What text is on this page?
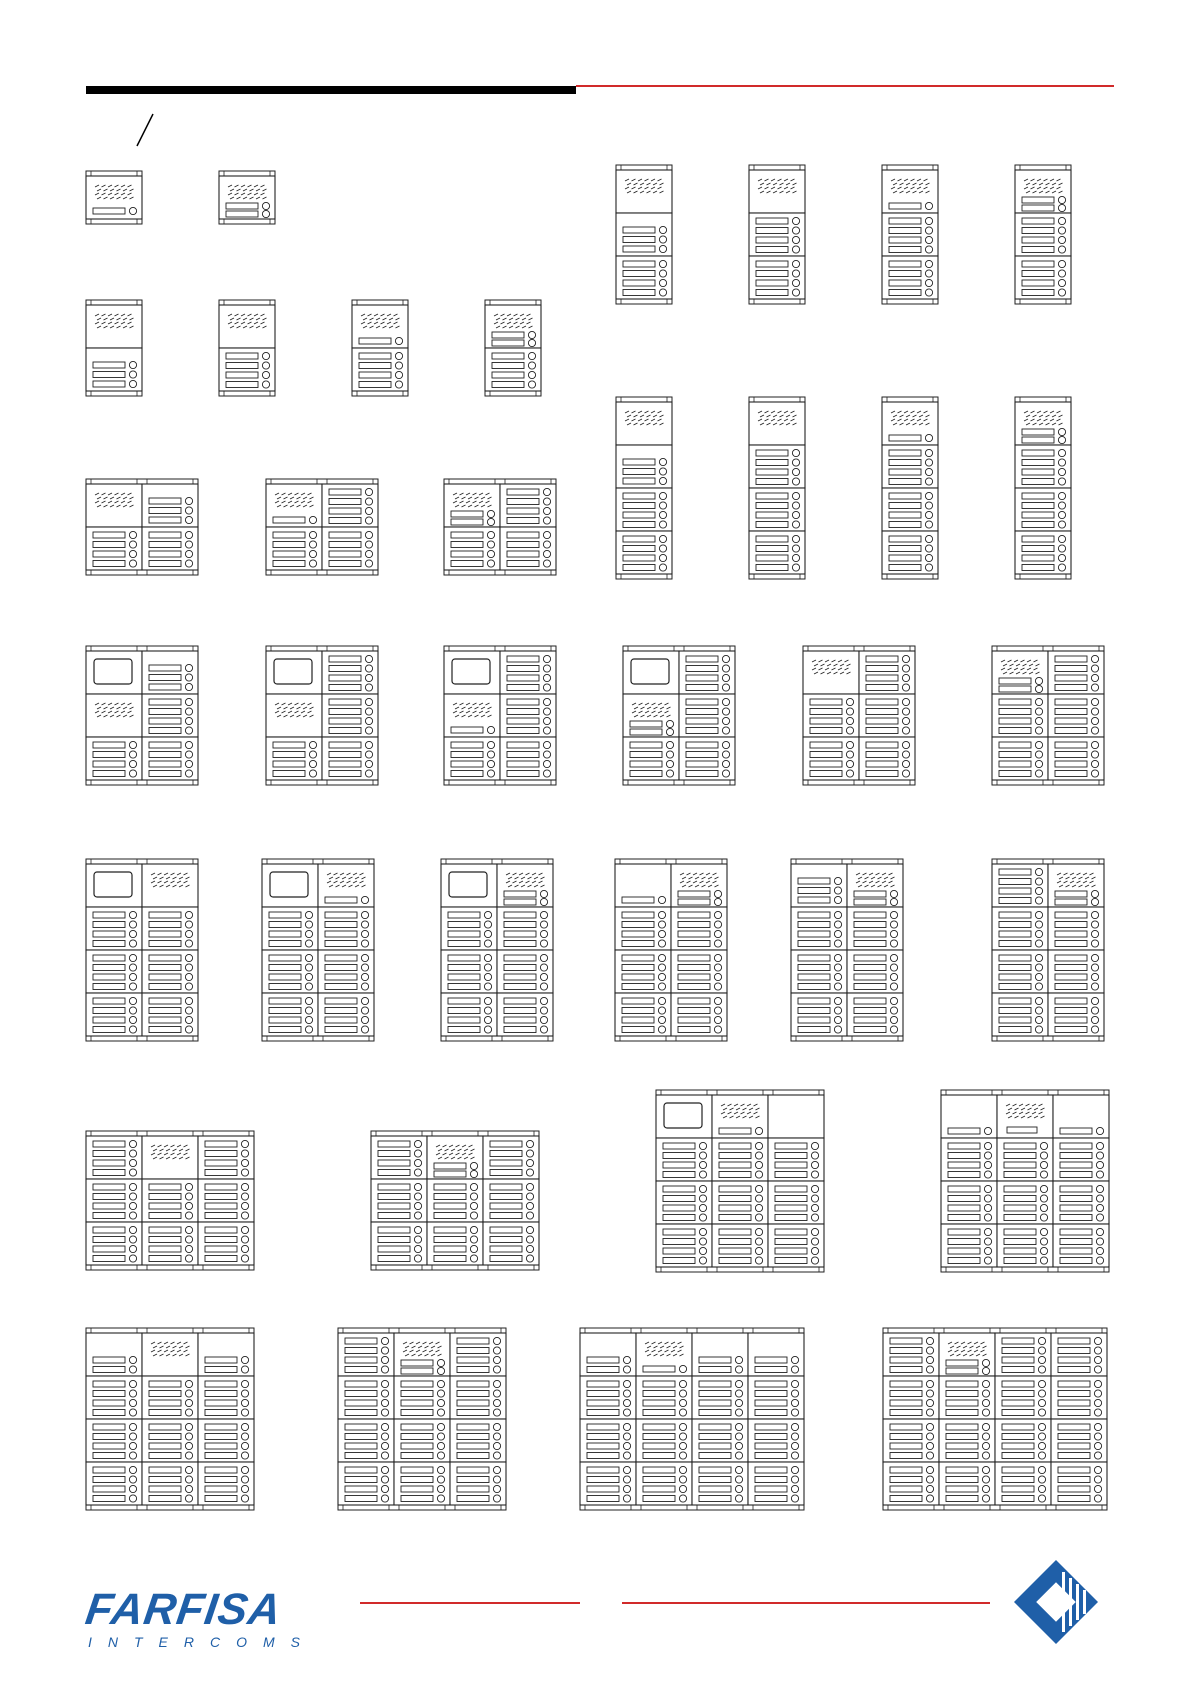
FARFISA
INTERCOMS
